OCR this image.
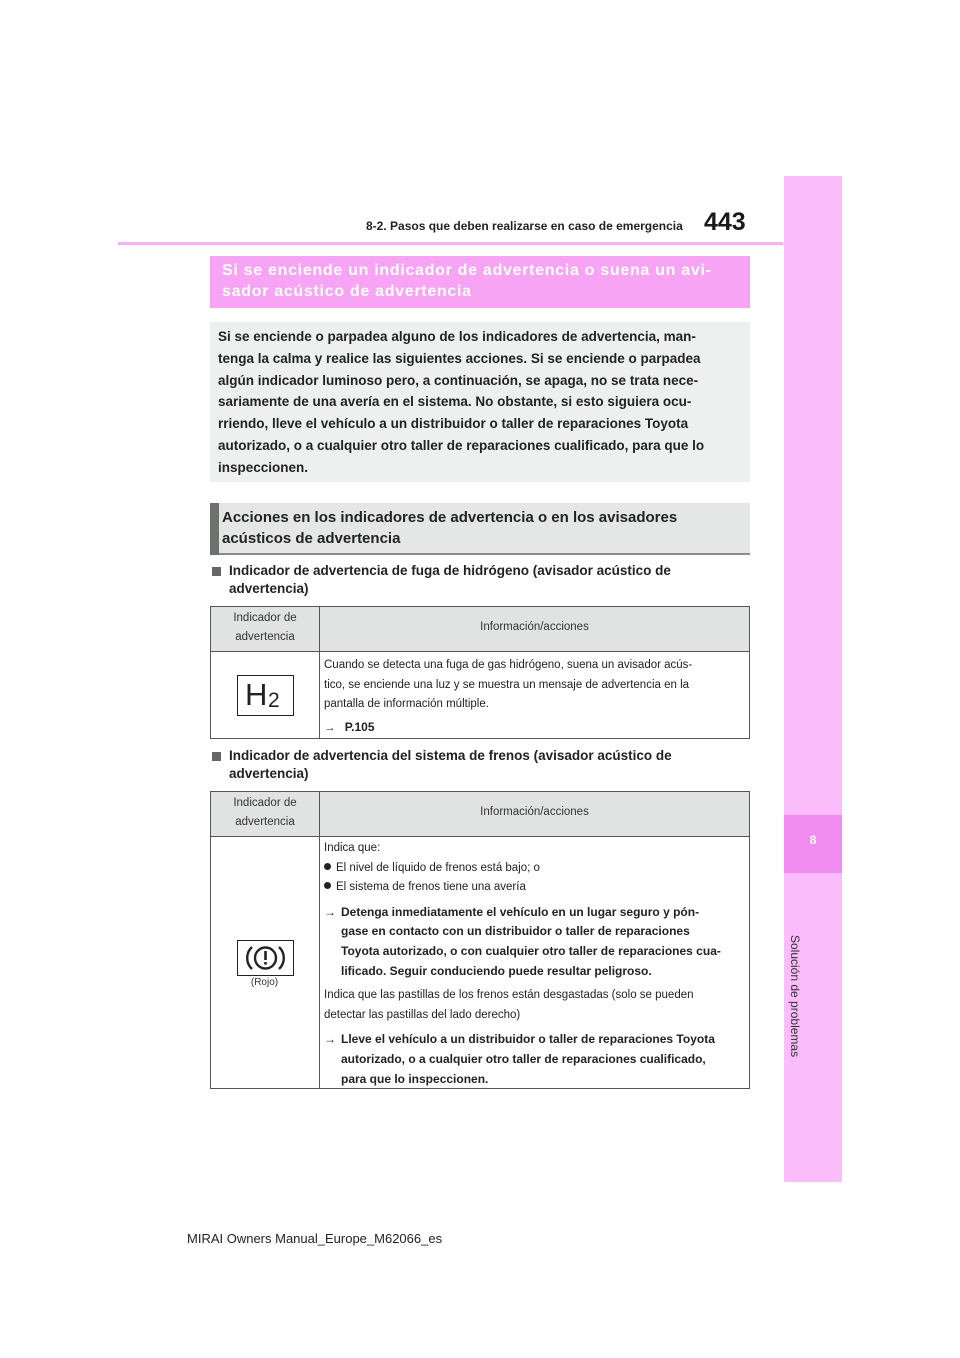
8-2. Pasos que deben realizarse en caso de emergencia 443
8
Solución de problemas
Si se enciende un indicador de advertencia o suena un avi-
sador acústico de advertencia
Si se enciende o parpadea alguno de los indicadores de advertencia, man-
tenga la calma y realice las siguientes acciones. Si se enciende o parpadea
algún indicador luminoso pero, a continuación, se apaga, no se trata nece-
sariamente de una avería en el sistema. No obstante, si esto siguiera ocu-
rriendo, lleve el vehículo a un distribuidor o taller de reparaciones Toyota
autorizado, o a cualquier otro taller de reparaciones cualificado, para que lo
inspeccionen.
Acciones en los indicadores de advertencia o en los avisadores
acústicos de advertencia
Indicador de advertencia de fuga de hidrógeno (avisador acústico de
advertencia)
Indicador de
advertencia
Información/acciones
H 2
Cuando se detecta una fuga de gas hidrógeno, suena un avisador acús-
tico, se enciende una luz y se muestra un mensaje de advertencia en la
pantalla de información múltiple.
→ P.105
Indicador de advertencia del sistema de frenos (avisador acústico de
advertencia)
Indicador de
advertencia
Información/acciones
(Rojo)
Indica que:
El nivel de líquido de frenos está bajo; o
El sistema de frenos tiene una avería
→ Detenga inmediatamente el vehículo en un lugar seguro y pón-
gase en contacto con un distribuidor o taller de reparaciones
Toyota autorizado, o con cualquier otro taller de reparaciones cua-
lificado. Seguir conduciendo puede resultar peligroso.
Indica que las pastillas de los frenos están desgastadas (solo se pueden
detectar las pastillas del lado derecho)
→ Lleve el vehículo a un distribuidor o taller de reparaciones Toyota
autorizado, o a cualquier otro taller de reparaciones cualificado,
para que lo inspeccionen.
MIRAI Owners Manual_Europe_M62066_es
